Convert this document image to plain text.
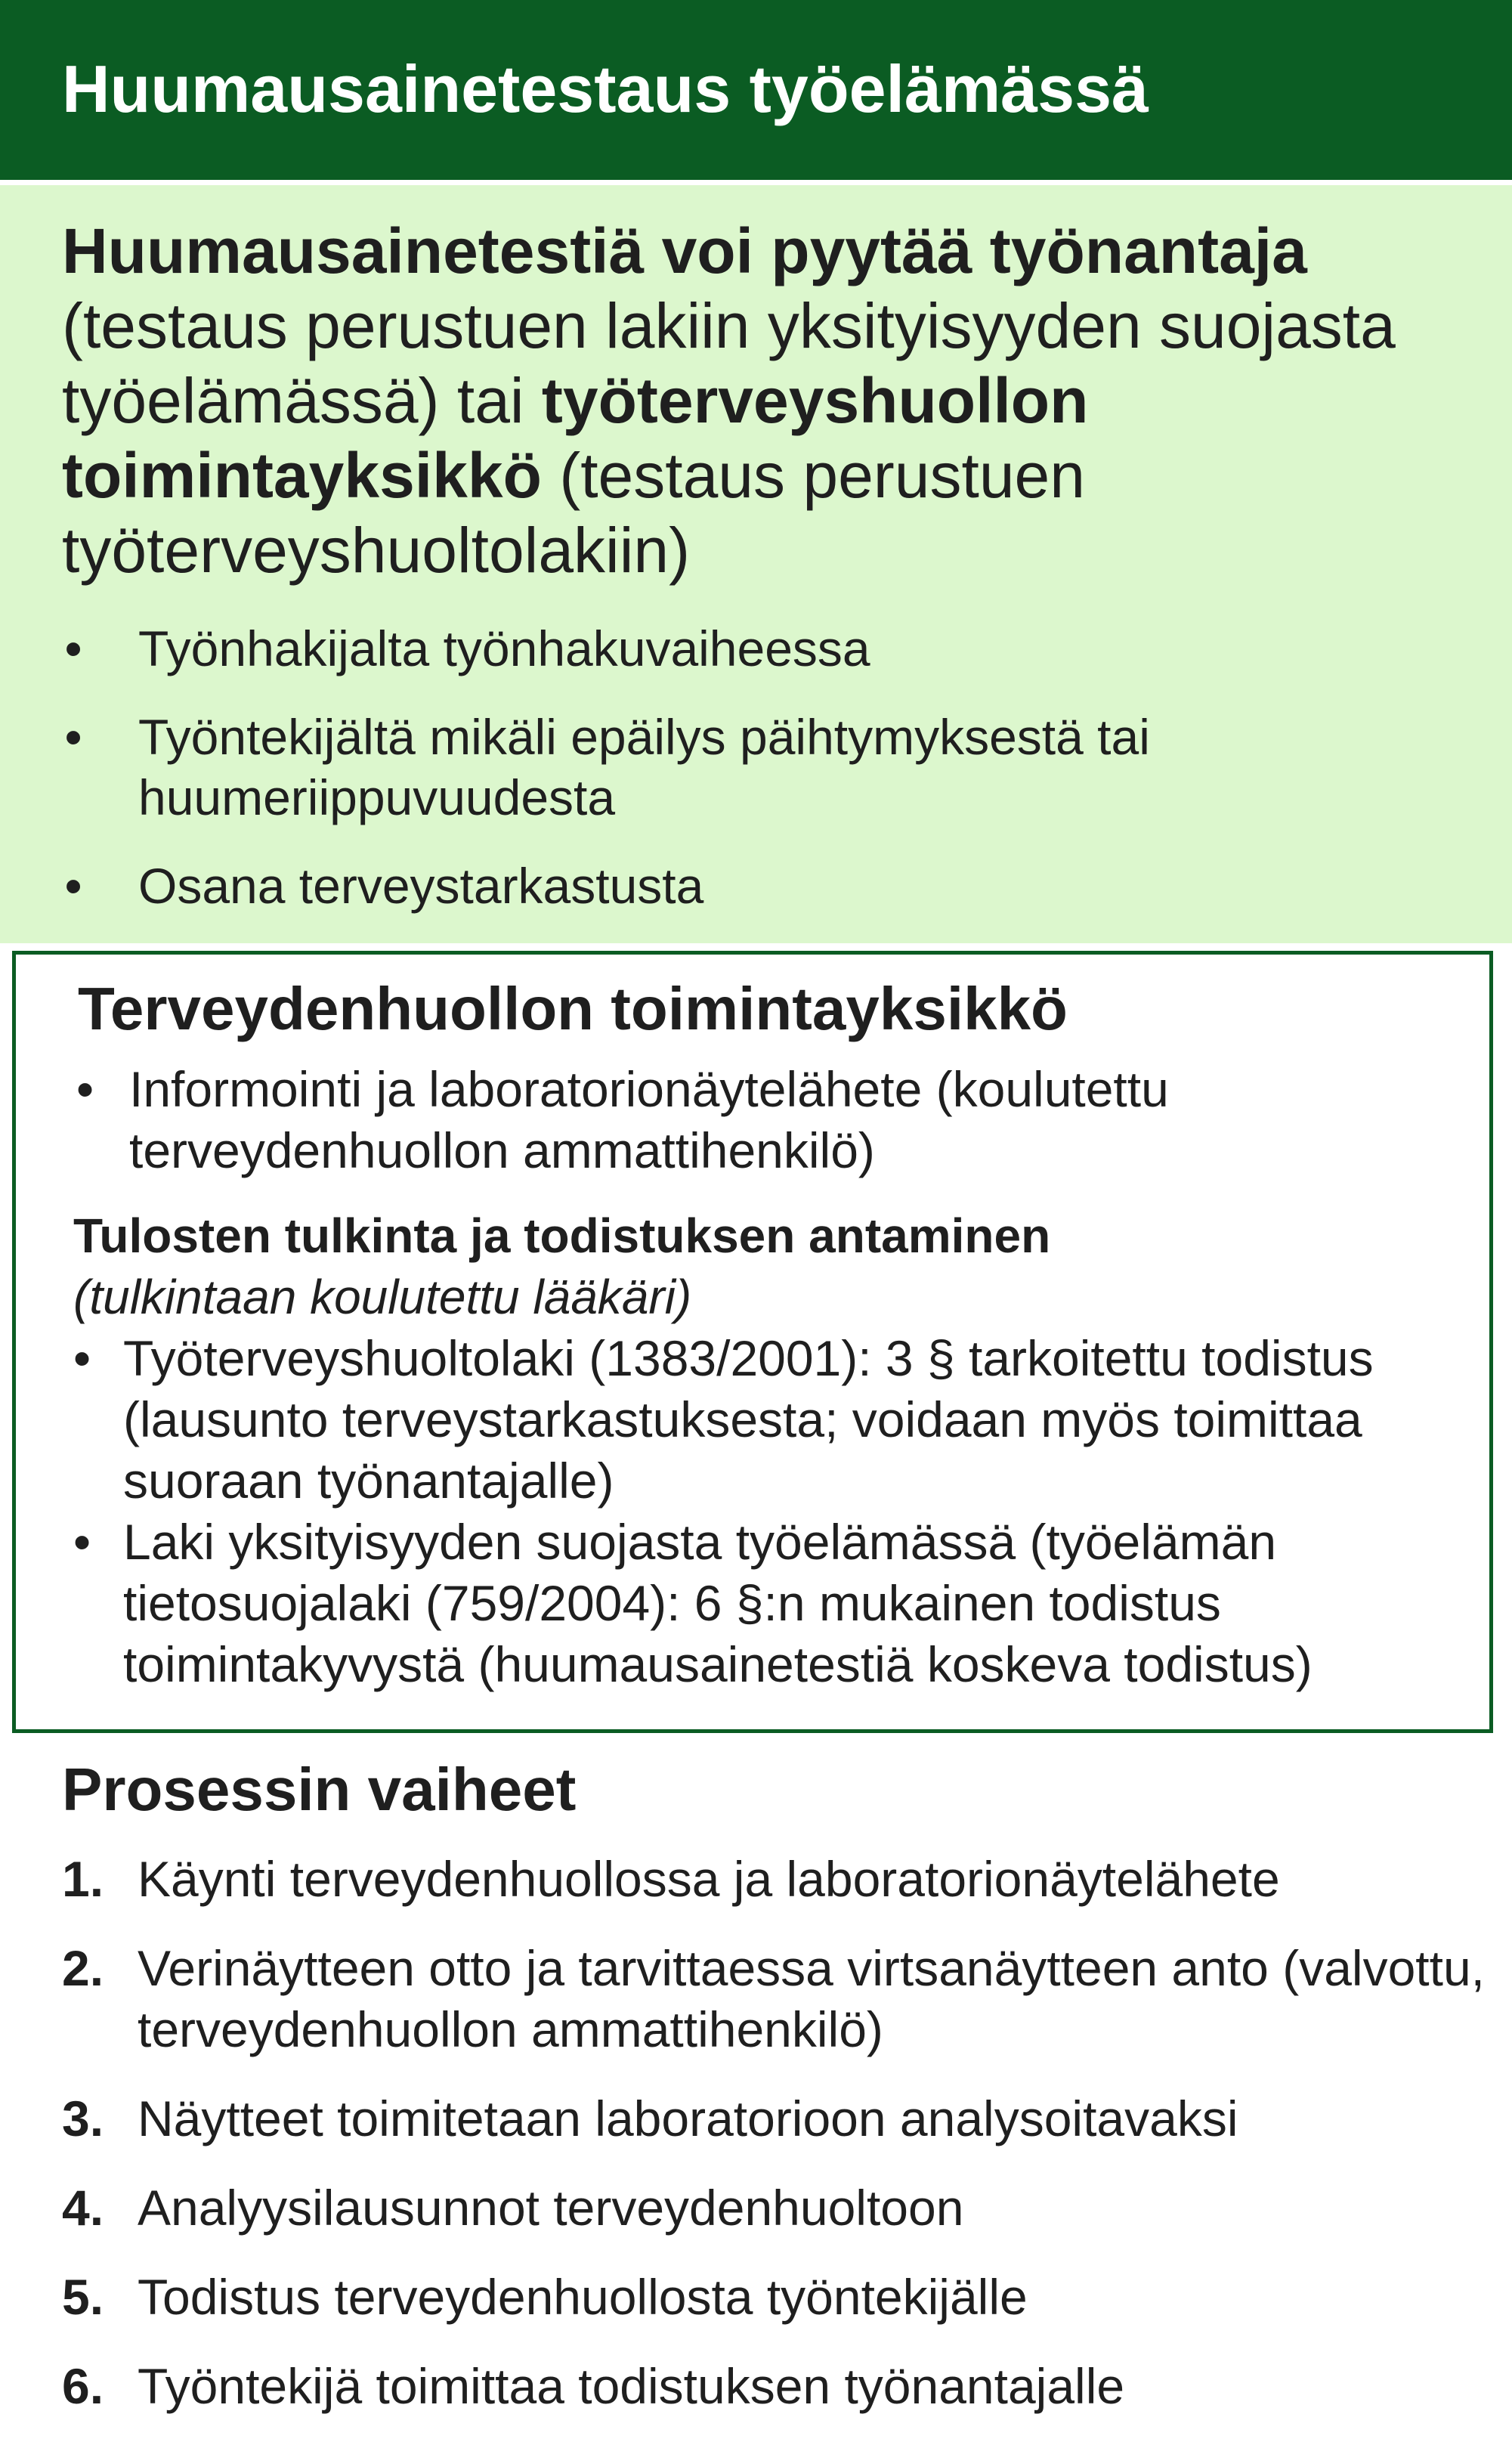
Huumausainetestaus työelämässä

Huumausainetestiä voi pyytää työnantaja (testaus perustuen lakiin yksityisyyden suojasta työelämässä) tai työterveyshuollon toimintayksikkö (testaus perustuen työterveyshuoltolakiin)

• Työnhakijalta työnhakuvaiheessa
• Työntekijältä mikäli epäilys päihtymyksestä tai huumeriippuvuudesta
• Osana terveystarkastusta
Terveydenhuollon toimintayksikkö
• Informointi ja laboratorionäytelähete (koulutettu terveydenhuollon ammattihenkilö)
Tulosten tulkinta ja todistuksen antaminen
(tulkintaan koulutettu lääkäri)
• Työterveyshuoltolaki (1383/2001): 3 § tarkoitettu todistus (lausunto terveystarkastuksesta; voidaan myös toimittaa suoraan työnantajalle)
• Laki yksityisyyden suojasta työelämässä (työelämän tietosuojalaki (759/2004): 6 §:n mukainen todistus toimintakyvystä (huumausainetestiä koskeva todistus)
Prosessin vaiheet
1. Käynti terveydenhuollossa ja laboratorionäytelähete
2. Verinäytteen otto ja tarvittaessa virtsanäytteen anto (valvottu, terveydenhuollon ammattihenkilö)
3. Näytteet toimitetaan laboratorioon analysoitavaksi
4. Analyysilausunnot terveydenhuoltoon
5. Todistus terveydenhuollosta työntekijälle
6. Työntekijä toimittaa todistuksen työnantajalle
